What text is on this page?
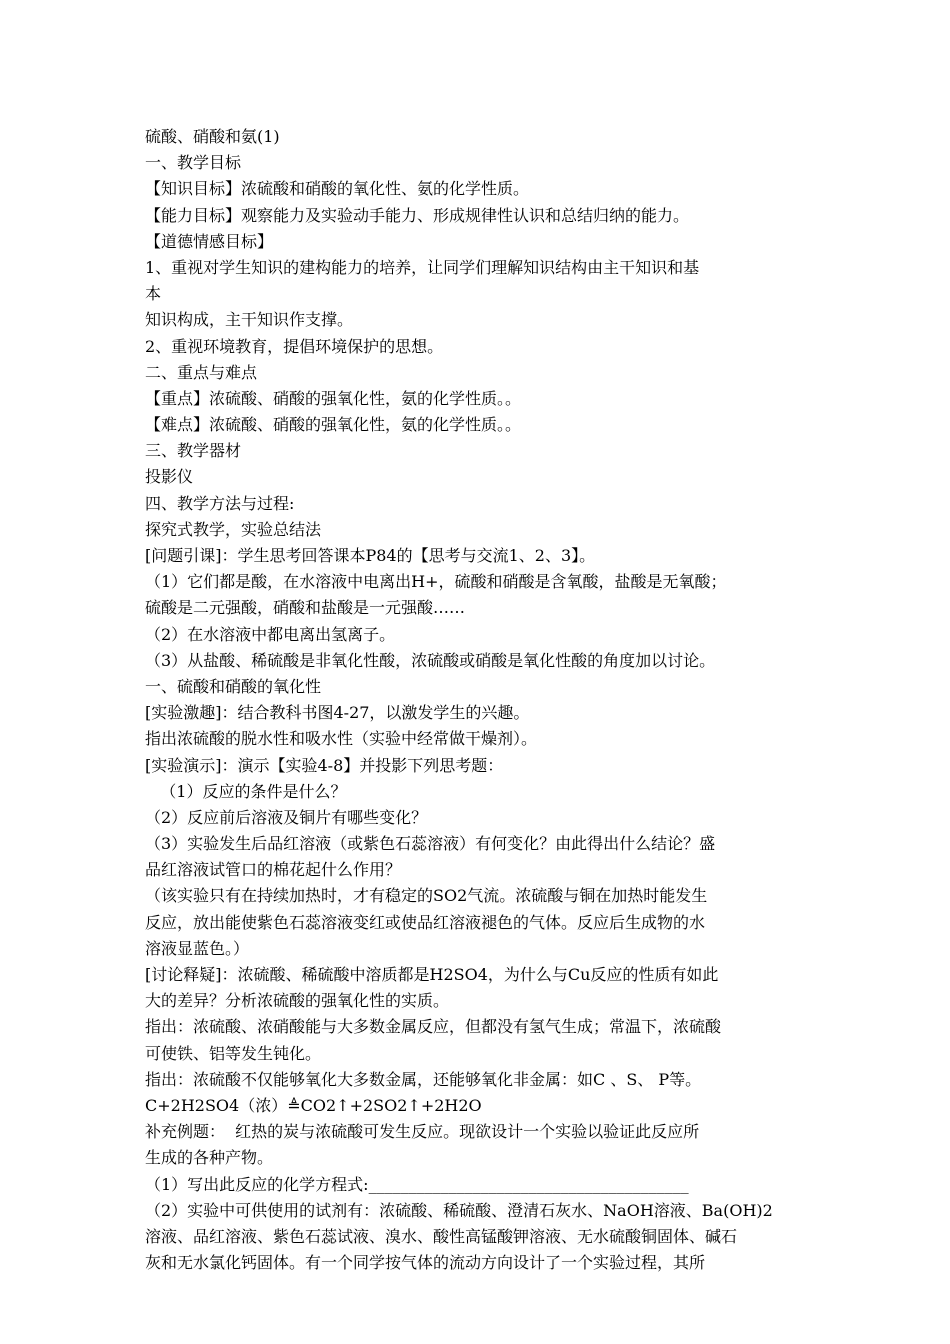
硫酸、硝酸和氨(1)
一、教学目标
【知识目标】浓硫酸和硝酸的氧化性、氨的化学性质。
【能力目标】观察能力及实验动手能力、形成规律性认识和总结归纳的能力。
【道德情感目标】
1、重视对学生知识的建构能力的培养，让同学们理解知识结构由主干知识和基
本
知识构成，主干知识作支撑。
2、重视环境教育，提倡环境保护的思想。
二、重点与难点
【重点】浓硫酸、硝酸的强氧化性，氨的化学性质。。
【难点】浓硫酸、硝酸的强氧化性，氨的化学性质。。
三、教学器材
投影仪
四、教学方法与过程:
探究式教学，实验总结法
[问题引课]：学生思考回答课本P84的【思考与交流1、2、3】。
（1）它们都是酸，在水溶液中电离出H+，硫酸和硝酸是含氧酸，盐酸是无氧酸；
硫酸是二元强酸，硝酸和盐酸是一元强酸……
（2）在水溶液中都电离出氢离子。
（3）从盐酸、稀硫酸是非氧化性酸，浓硫酸或硝酸是氧化性酸的角度加以讨论。
一、硫酸和硝酸的氧化性
[实验激趣]：结合教科书图4-27，以激发学生的兴趣。
指出浓硫酸的脱水性和吸水性（实验中经常做干燥剂）。
[实验演示]：演示【实验4-8】并投影下列思考题：
（1）反应的条件是什么？
（2）反应前后溶液及铜片有哪些变化？
（3）实验发生后品红溶液（或紫色石蕊溶液）有何变化？由此得出什么结论？盛
品红溶液试管口的棉花起什么作用？
（该实验只有在持续加热时，才有稳定的SO2气流。浓硫酸与铜在加热时能发生
反应，放出能使紫色石蕊溶液变红或使品红溶液褪色的气体。反应后生成物的水
溶液显蓝色。）
[讨论释疑]：浓硫酸、稀硫酸中溶质都是H2SO4，为什么与Cu反应的性质有如此
大的差异？分析浓硫酸的强氧化性的实质。
指出：浓硫酸、浓硝酸能与大多数金属反应，但都没有氢气生成；常温下，浓硫酸
可使铁、铝等发生钝化。
指出：浓硫酸不仅能够氧化大多数金属，还能够氧化非金属：如C 、S、 P等。
C+2H2SO4（浓）≜CO2↑+2SO2↑+2H2O
补充例题：  红热的炭与浓硫酸可发生反应。现欲设计一个实验以验证此反应所
生成的各种产物。
（1）写出此反应的化学方程式:________________________________________
（2）实验中可供使用的试剂有：浓硫酸、稀硫酸、澄清石灰水、NaOH溶液、Ba(OH)2
溶液、品红溶液、紫色石蕊试液、溴水、酸性高锰酸钾溶液、无水硫酸铜固体、碱石
灰和无水氯化钙固体。有一个同学按气体的流动方向设计了一个实验过程，其所
